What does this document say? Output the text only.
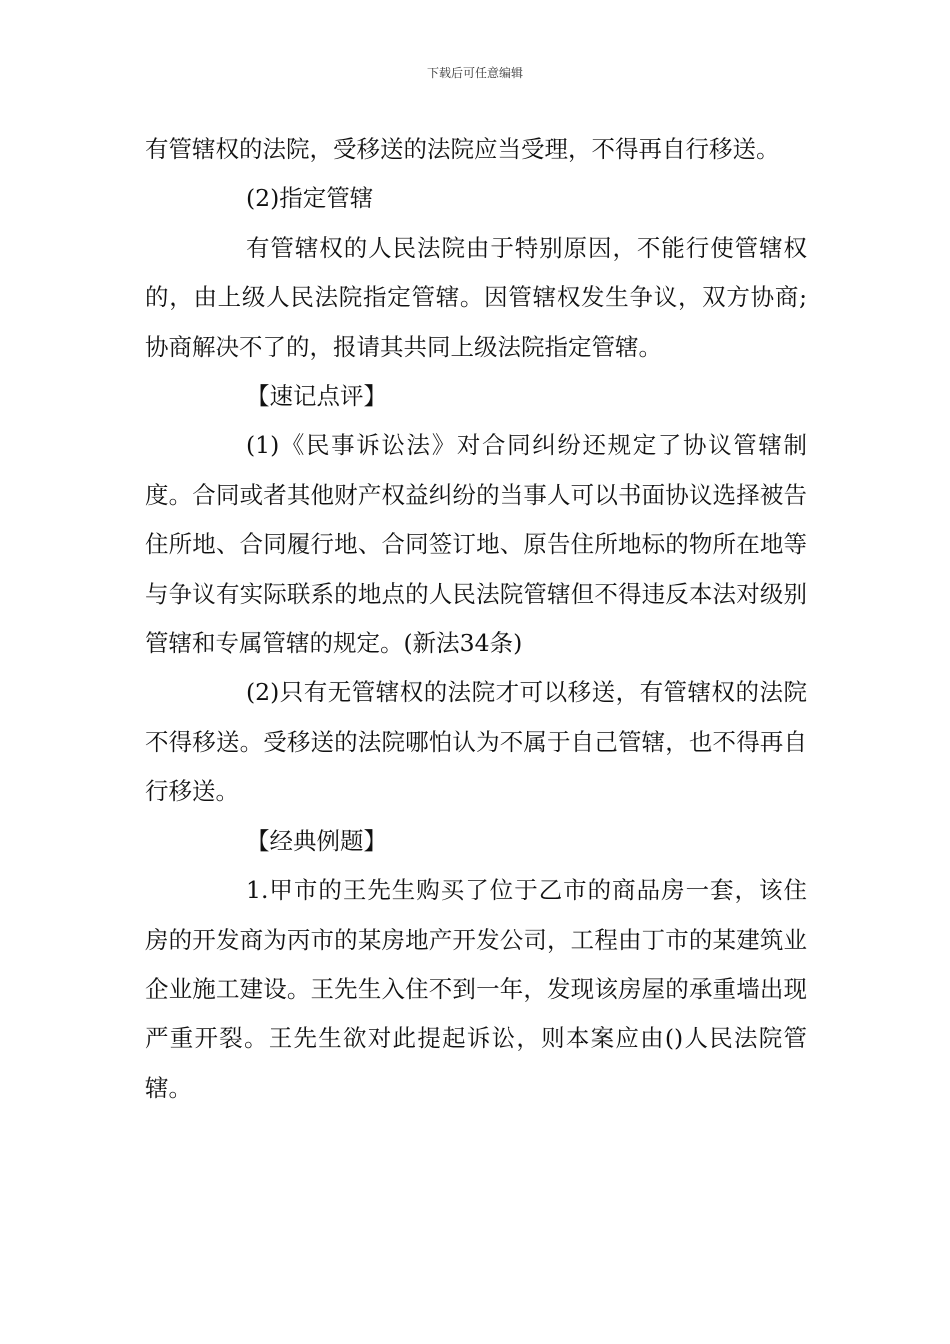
下载后可任意编辑

有管辖权的法院，受移送的法院应当受理，不得再自行移送。

(2)指定管辖

有管辖权的人民法院由于特别原因，不能行使管辖权的，由上级人民法院指定管辖。因管辖权发生争议，双方协商;协商解决不了的，报请其共同上级法院指定管辖。

【速记点评】

(1)《民事诉讼法》对合同纠纷还规定了协议管辖制度。合同或者其他财产权益纠纷的当事人可以书面协议选择被告住所地、合同履行地、合同签订地、原告住所地标的物所在地等与争议有实际联系的地点的人民法院管辖但不得违反本法对级别管辖和专属管辖的规定。(新法34条)

(2)只有无管辖权的法院才可以移送，有管辖权的法院不得移送。受移送的法院哪怕认为不属于自己管辖，也不得再自行移送。

【经典例题】

1.甲市的王先生购买了位于乙市的商品房一套，该住房的开发商为丙市的某房地产开发公司，工程由丁市的某建筑业企业施工建设。王先生入住不到一年，发现该房屋的承重墙出现严重开裂。王先生欲对此提起诉讼，则本案应由()人民法院管辖。
